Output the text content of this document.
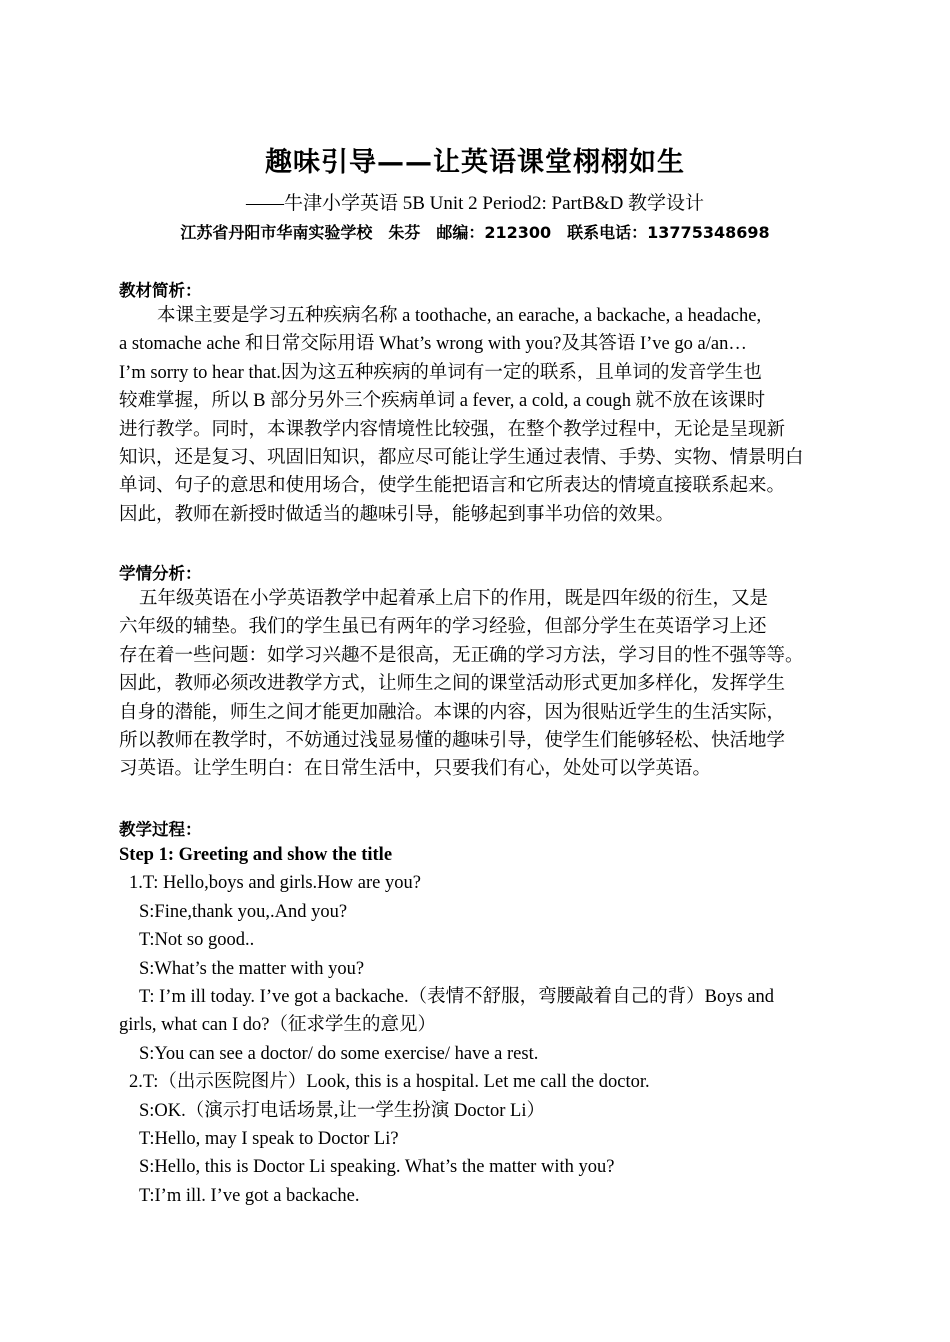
趣味引导——让英语课堂栩栩如生
——牛津小学英语 5B Unit 2 Period2: PartB&D 教学设计
江苏省丹阳市华南实验学校　朱芬　邮编：212300　联系电话：13775348698
教材简析：
本课主要是学习五种疾病名称 a toothache, an earache, a backache, a headache,
a stomache ache 和日常交际用语 What’s wrong with you?及其答语 I’ve go a/an…
I’m sorry to hear that.因为这五种疾病的单词有一定的联系，且单词的发音学生也
较难掌握，所以 B 部分另外三个疾病单词 a fever, a cold, a cough 就不放在该课时
进行教学。同时，本课教学内容情境性比较强，在整个教学过程中，无论是呈现新
知识，还是复习、巩固旧知识，都应尽可能让学生通过表情、手势、实物、情景明白
单词、句子的意思和使用场合，使学生能把语言和它所表达的情境直接联系起来。
因此，教师在新授时做适当的趣味引导，能够起到事半功倍的效果。
学情分析：
五年级英语在小学英语教学中起着承上启下的作用，既是四年级的衍生，又是
六年级的辅垫。我们的学生虽已有两年的学习经验，但部分学生在英语学习上还
存在着一些问题：如学习兴趣不是很高，无正确的学习方法，学习目的性不强等等。
因此，教师必须改进教学方式，让师生之间的课堂活动形式更加多样化，发挥学生
自身的潜能，师生之间才能更加融洽。本课的内容，因为很贴近学生的生活实际，
所以教师在教学时，不妨通过浅显易懂的趣味引导，使学生们能够轻松、快活地学
习英语。让学生明白：在日常生活中，只要我们有心，处处可以学英语。
教学过程：
Step 1: Greeting and show the title
1.T: Hello,boys and girls.How are you?
S:Fine,thank you,.And you?
T:Not so good..
S:What’s the matter with you?
T: I’m ill today. I’ve got a backache.（表情不舒服，弯腰敲着自己的背）Boys and
girls, what can I do?（征求学生的意见）
S:You can see a doctor/ do some exercise/ have a rest.
2.T:（出示医院图片）Look, this is a hospital. Let me call the doctor.
S:OK.（演示打电话场景,让一学生扮演 Doctor Li）
T:Hello, may I speak to Doctor Li?
S:Hello, this is Doctor Li speaking. What’s the matter with you?
T:I’m ill. I’ve got a backache.
